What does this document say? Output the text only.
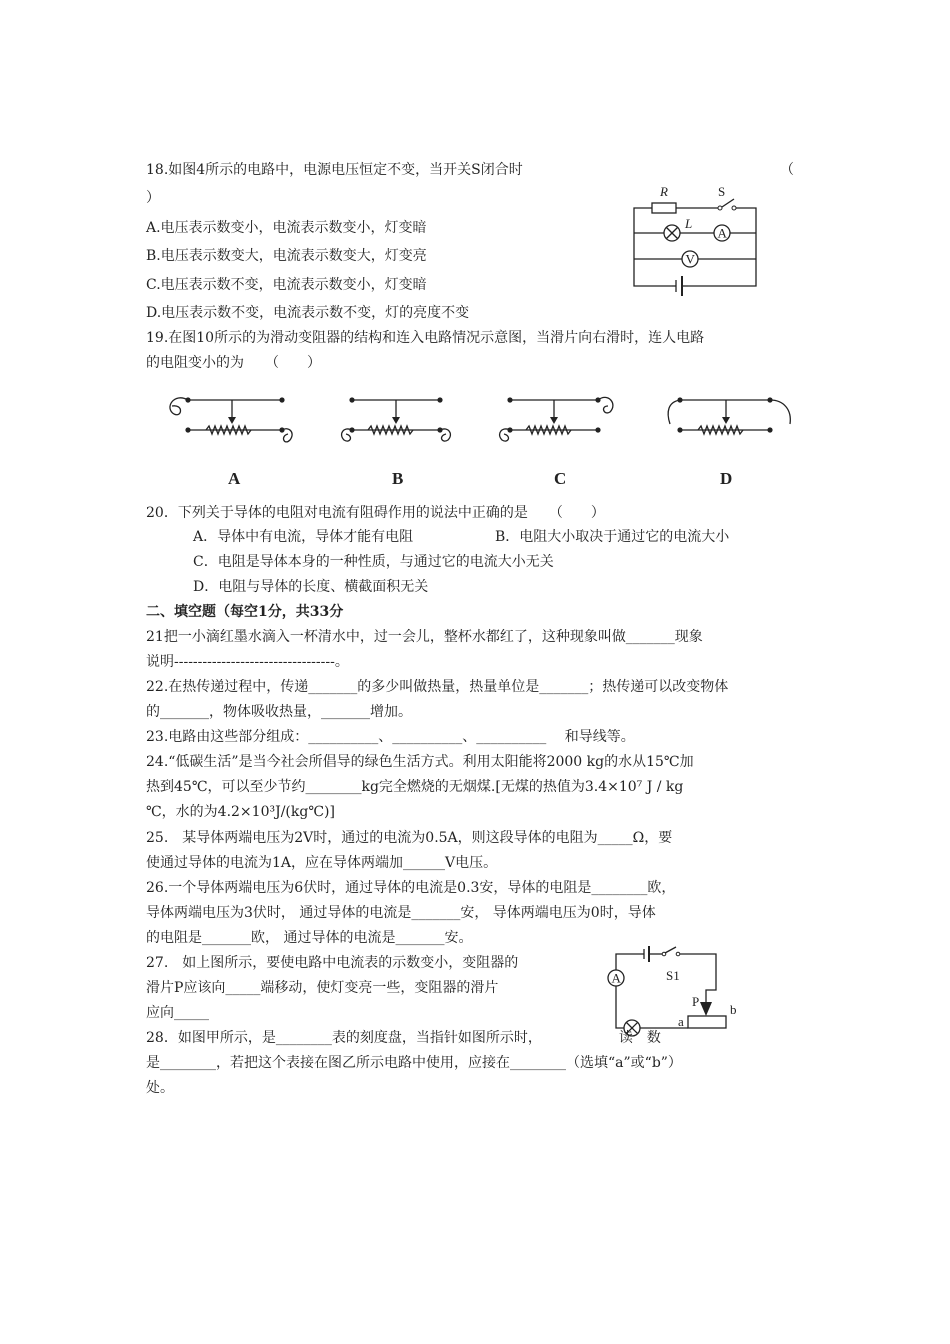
18.如图4所示的电路中，电源电压恒定不变，当开关S闭合时	（
）
A.电压表示数变小，电流表示数变小，灯变暗
B.电压表示数变大，电流表示数变大，灯变亮
C.电压表示数不变，电流表示数变小，灯变暗
D.电压表示数不变，电流表示数不变，灯的亮度不变
R	S
A
L
V
19.在图10所示的为滑动变阻器的结构和连入电路情况示意图，当滑片向右滑时，连人电路
的电阻变小的为　　（　　）
A	B	C	D
20．下列关于导体的电阻对电流有阻碍作用的说法中正确的是　　（　　）
A．导体中有电流，导体才能有电阻	B．电阻大小取决于通过它的电流大小
C．电阻是导体本身的一种性质，与通过它的电流大小无关
D．电阻与导体的长度、横截面积无关
二、填空题（每空1分，共33分
21把一小滴红墨水滴入一杯清水中，过一会儿，整杯水都红了，这种现象叫做_______现象
说明----------------------------------。
22.在热传递过程中，传递_______的多少叫做热量，热量单位是_______；热传递可以改变物体
的_______，物体吸收热量，_______增加。
23.电路由这些部分组成：__________、__________、__________　 和导线等。
24.“低碳生活”是当今社会所倡导的绿色生活方式。利用太阳能将2000 kg的水从15℃加
热到45℃，可以至少节约________kg完全燃烧的无烟煤.[无煤的热值为3.4×10⁷ J / kg
℃，水的为4.2×10³J/(kg℃)]
25.　某导体两端电压为2V时，通过的电流为0.5A，则这段导体的电阻为_____Ω，要
使通过导体的电流为1A，应在导体两端加______V电压。
26.一个导体两端电压为6伏时，通过导体的电流是0.3安，导体的电阻是________欧，
导体两端电压为3伏时， 通过导体的电流是_______安， 导体两端电压为0时，导体
的电阻是_______欧， 通过导体的电流是_______安。
27.　如上图所示，要使电路中电流表的示数变小，变阻器的
滑片P应该向_____端移动，使灯变亮一些，变阻器的滑片
应向_____
S1
A
P
a
b
28．如图甲所示，是________表的刻度盘，当指针如图所示时，　　　　　　读　数
是________，若把这个表接在图乙所示电路中使用，应接在________（选填“a”或“b”）
处。
